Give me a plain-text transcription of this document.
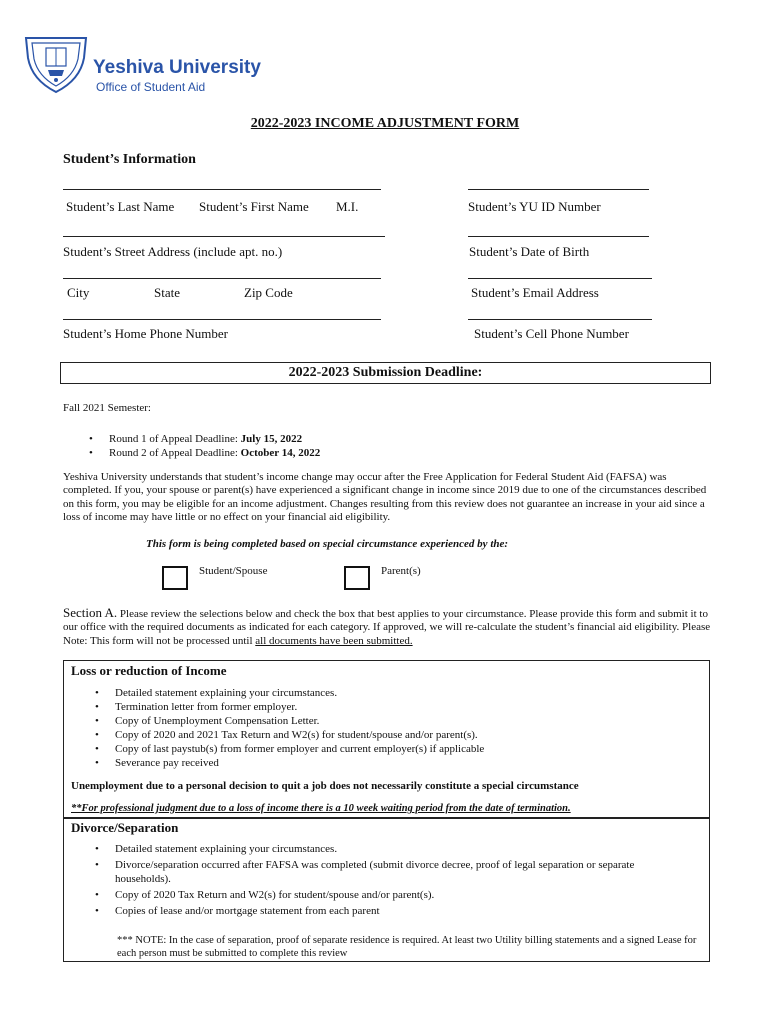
Yeshiva University
Office of Student Aid
2022-2023 INCOME ADJUSTMENT FORM
Student’s Information
Student’s Last Name Student’s First Name M.I.	Student’s YU ID Number
Student’s Street Address (include apt. no.)	Student’s Date of Birth
City	State	Zip Code	Student’s Email Address
Student’s Home Phone Number	Student’s Cell Phone Number
2022-2023 Submission Deadline:
Fall 2021 Semester:
• Round 1 of Appeal Deadline: July 15, 2022
• Round 2 of Appeal Deadline: October 14, 2022
Yeshiva University understands that student’s income change may occur after the Free Application for Federal Student Aid (FAFSA) was completed. If you, your spouse or parent(s) have experienced a significant change in income since 2019 due to one of the circumstances described on this form, you may be eligible for an income adjustment. Changes resulting from this review does not guarantee an increase in your aid since a loss of income may have little or no effect on your financial aid eligibility.
This form is being completed based on special circumstance experienced by the:
Student/Spouse	Parent(s)
Section A. Please review the selections below and check the box that best applies to your circumstance. Please provide this form and submit it to our office with the required documents as indicated for each category. If approved, we will re-calculate the student’s financial aid eligibility. Please Note: This form will not be processed until all documents have been submitted.
Loss or reduction of Income
• Detailed statement explaining your circumstances.
• Termination letter from former employer.
• Copy of Unemployment Compensation Letter.
• Copy of 2020 and 2021 Tax Return and W2(s) for student/spouse and/or parent(s).
• Copy of last paystub(s) from former employer and current employer(s) if applicable
• Severance pay received
Unemployment due to a personal decision to quit a job does not necessarily constitute a special circumstance
**For professional judgment due to a loss of income there is a 10 week waiting period from the date of termination.
Divorce/Separation
• Detailed statement explaining your circumstances.
• Divorce/separation occurred after FAFSA was completed (submit divorce decree, proof of legal separation or separate households).
• Copy of 2020 Tax Return and W2(s) for student/spouse and/or parent(s).
• Copies of lease and/or mortgage statement from each parent
*** NOTE: In the case of separation, proof of separate residence is required. At least two Utility billing statements and a signed Lease for each person must be submitted to complete this review
